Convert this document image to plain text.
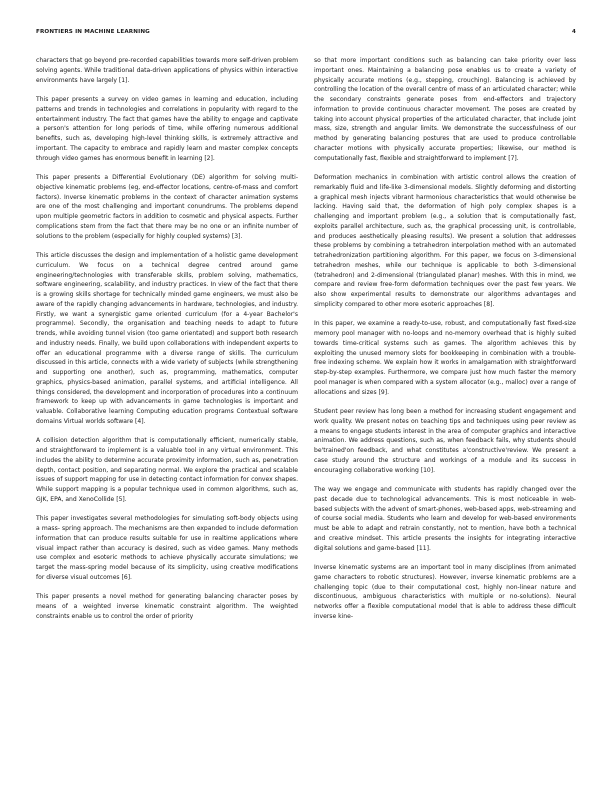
FRONTIERS IN MACHINE LEARNING	4

characters that go beyond pre-recorded capabilities towards more self-driven problem solving agents. While traditional data-driven applications of physics within interactive environments have largely [1].

This paper presents a survey on video games in learning and education, including patterns and trends in technologies and correlations in popularity with regard to the entertainment industry. The fact that games have the ability to engage and captivate a person's attention for long periods of time, while offering numerous additional benefits, such as, developing high-level thinking skills, is extremely attractive and important. The capacity to embrace and rapidly learn and master complex concepts through video games has enormous benefit in learning [2].

This paper presents a Differential Evolutionary (DE) algorithm for solving multi-objective kinematic problems (eg, end-effector locations, centre-of-mass and comfort factors). Inverse kinematic problems in the context of character animation systems are one of the most challenging and important conundrums. The problems depend upon multiple geometric factors in addition to cosmetic and physical aspects. Further complications stem from the fact that there may be no one or an infinite number of solutions to the problem (especially for highly coupled systems) [3].

This article discusses the design and implementation of a holistic game development curriculum. We focus on a technical degree centred around game engineering/technologies with transferable skills, problem solving, mathematics, software engineering, scalability, and industry practices. In view of the fact that there is a growing skills shortage for technically minded game engineers, we must also be aware of the rapidly changing advancements in hardware, technologies, and industry. Firstly, we want a synergistic game oriented curriculum (for a 4-year Bachelor's programme). Secondly, the organisation and teaching needs to adapt to future trends, while avoiding tunnel vision (too game orientated) and support both research and industry needs. Finally, we build upon collaborations with independent experts to offer an educational programme with a diverse range of skills. The curriculum discussed in this article, connects with a wide variety of subjects (while strengthening and supporting one another), such as, programming, mathematics, computer graphics, physics-based animation, parallel systems, and artificial intelligence. All things considered, the development and incorporation of procedures into a continuum framework to keep up with advancements in game technologies is important and valuable. Collaborative learning Computing education programs Contextual software domains Virtual worlds software [4].

A collision detection algorithm that is computationally efficient, numerically stable, and straightforward to implement is a valuable tool in any virtual environment. This includes the ability to determine accurate proximity information, such as, penetration depth, contact position, and separating normal. We explore the practical and scalable issues of support mapping for use in detecting contact information for convex shapes. While support mapping is a popular technique used in common algorithms, such as, GJK, EPA, and XenoCollide [5].

This paper investigates several methodologies for simulating soft-body objects using a mass- spring approach. The mechanisms are then expanded to include deformation information that can produce results suitable for use in realtime applications where visual impact rather than accuracy is desired, such as video games. Many methods use complex and esoteric methods to achieve physically accurate simulations; we target the mass-spring model because of its simplicity, using creative modifications for diverse visual outcomes [6].

This paper presents a novel method for generating balancing character poses by means of a weighted inverse kinematic constraint algorithm. The weighted constraints enable us to control the order of priority

so that more important conditions such as balancing can take priority over less important ones. Maintaining a balancing pose enables us to create a variety of physically accurate motions (e.g., stepping, crouching). Balancing is achieved by controlling the location of the overall centre of mass of an articulated character; while the secondary constraints generate poses from end-effectors and trajectory information to provide continuous character movement. The poses are created by taking into account physical properties of the articulated character, that include joint mass, size, strength and angular limits. We demonstrate the successfulness of our method by generating balancing postures that are used to produce controllable character motions with physically accurate properties; likewise, our method is computationally fast, flexible and straightforward to implement [7].

Deformation mechanics in combination with artistic control allows the creation of remarkably fluid and life-like 3-dimensional models. Slightly deforming and distorting a graphical mesh injects vibrant harmonious characteristics that would otherwise be lacking. Having said that, the deformation of high poly complex shapes is a challenging and important problem (e.g., a solution that is computationally fast, exploits parallel architecture, such as, the graphical processing unit, is controllable, and produces aesthetically pleasing results). We present a solution that addresses these problems by combining a tetrahedron interpolation method with an automated tetrahedronization partitioning algorithm. For this paper, we focus on 3-dimensional tetrahedron meshes, while our technique is applicable to both 3-dimensional (tetrahedron) and 2-dimensional (triangulated planar) meshes. With this in mind, we compare and review free-form deformation techniques over the past few years. We also show experimental results to demonstrate our algorithms advantages and simplicity compared to other more esoteric approaches [8].

In this paper, we examine a ready-to-use, robust, and computationally fast fixed-size memory pool manager with no-loops and no-memory overhead that is highly suited towards time-critical systems such as games. The algorithm achieves this by exploiting the unused memory slots for bookkeeping in combination with a trouble-free indexing scheme. We explain how it works in amalgamation with straightforward step-by-step examples. Furthermore, we compare just how much faster the memory pool manager is when compared with a system allocator (e.g., malloc) over a range of allocations and sizes [9].

Student peer review has long been a method for increasing student engagement and work quality. We present notes on teaching tips and techniques using peer review as a means to engage students interest in the area of computer graphics and interactive animation. We address questions, such as, when feedback fails, why students should be'trained'on feedback, and what constitutes a'constructive'review. We present a case study around the structure and workings of a module and its success in encouraging collaborative working [10].

The way we engage and communicate with students has rapidly changed over the past decade due to technological advancements. This is most noticeable in web-based subjects with the advent of smart-phones, web-based apps, web-streaming and of course social media. Students who learn and develop for web-based environments must be able to adapt and retrain constantly, not to mention, have both a technical and creative mindset. This article presents the insights for integrating interactive digital solutions and game-based [11].

Inverse kinematic systems are an important tool in many disciplines (from animated game characters to robotic structures). However, inverse kinematic problems are a challenging topic (due to their computational cost, highly non-linear nature and discontinuous, ambiguous characteristics with multiple or no-solutions). Neural networks offer a flexible computational model that is able to address these difficult inverse kine-
